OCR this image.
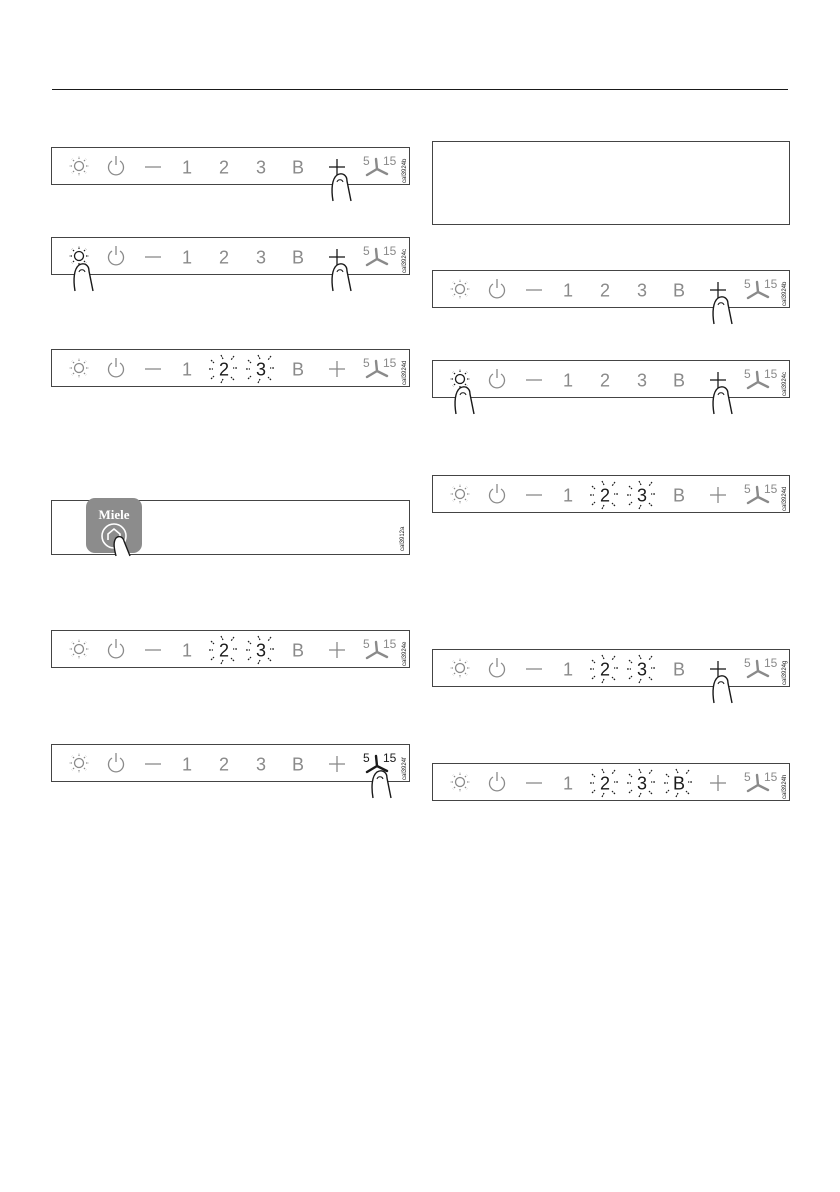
1 2 3 B	5 15 cal3924b
1 2 3 B	5 15 cal3924c
1 2 3 B	5 15 cal3924d
Miele
cal3912a
1 2 3 B	5 15 cal3924e
1 2 3 B	5 15 cal3924f
1 2 3 B	5 15 cal3924b
1 2 3 B	5 15 cal3924c
1 2 3 B	5 15 cal3924d
1 2 3 B	5 15 cal3924g
1 2 3 B	5 15 cal3924h
